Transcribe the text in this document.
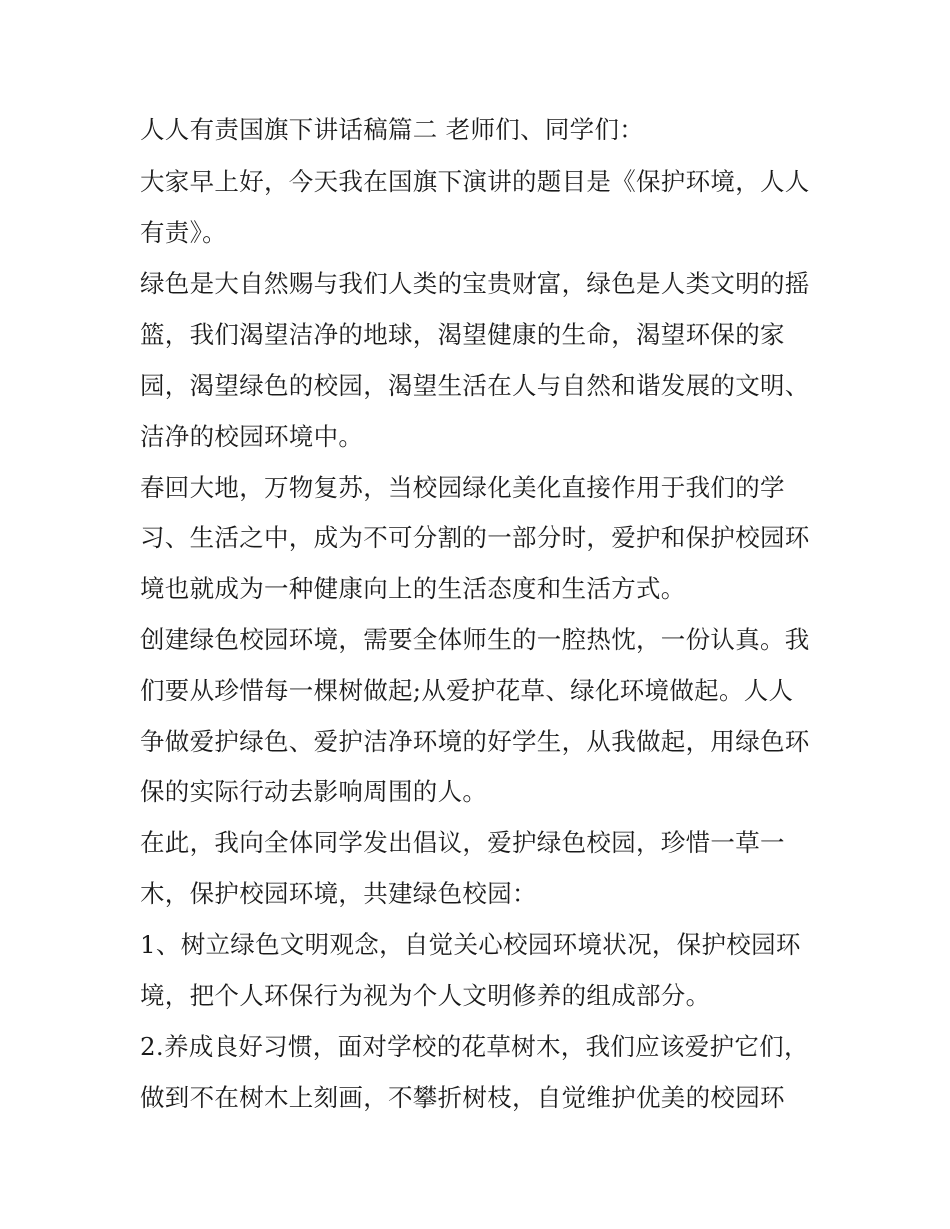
人人有责国旗下讲话稿篇二 老师们、同学们：

大家早上好，今天我在国旗下演讲的题目是《保护环境，人人

有责》。

绿色是大自然赐与我们人类的宝贵财富，绿色是人类文明的摇

篮，我们渴望洁净的地球，渴望健康的生命，渴望环保的家

园，渴望绿色的校园，渴望生活在人与自然和谐发展的文明、

洁净的校园环境中。

春回大地，万物复苏，当校园绿化美化直接作用于我们的学

习、生活之中，成为不可分割的一部分时，爱护和保护校园环

境也就成为一种健康向上的生活态度和生活方式。

创建绿色校园环境，需要全体师生的一腔热忱，一份认真。我

们要从珍惜每一棵树做起;从爱护花草、绿化环境做起。人人

争做爱护绿色、爱护洁净环境的好学生，从我做起，用绿色环

保的实际行动去影响周围的人。

在此，我向全体同学发出倡议，爱护绿色校园，珍惜一草一

木，保护校园环境，共建绿色校园：

1、树立绿色文明观念，自觉关心校园环境状况，保护校园环

境，把个人环保行为视为个人文明修养的组成部分。

2.养成良好习惯，面对学校的花草树木，我们应该爱护它们，

做到不在树木上刻画，不攀折树枝，自觉维护优美的校园环
